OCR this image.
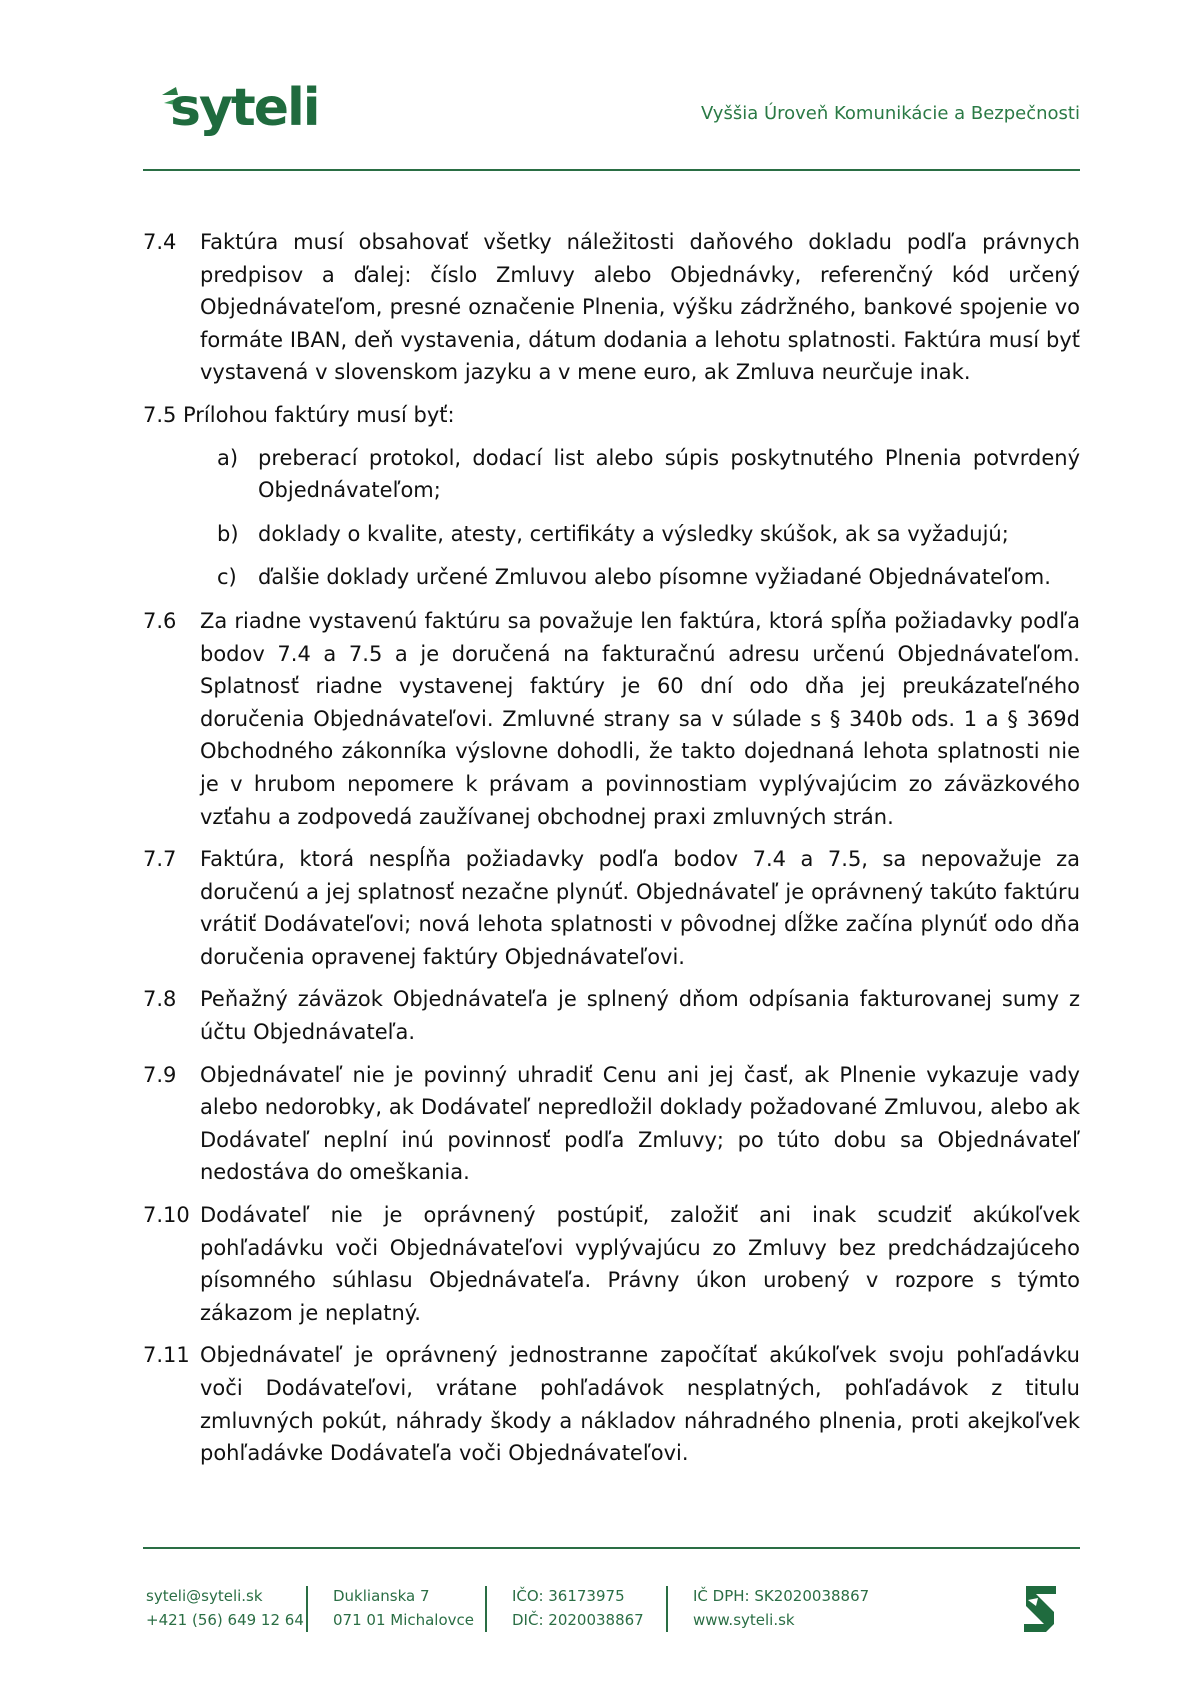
syteli	Vyššia Úroveň Komunikácie a Bezpečnosti
7.4	Faktúra musí obsahovať všetky náležitosti daňového dokladu podľa právnych predpisov a ďalej: číslo Zmluvy alebo Objednávky, referenčný kód určený Objednávateľom, presné označenie Plnenia, výšku zádržného, bankové spojenie vo formáte IBAN, deň vystavenia, dátum dodania a lehotu splatnosti. Faktúra musí byť vystavená v slovenskom jazyku a v mene euro, ak Zmluva neurčuje inak.
7.5 Prílohou faktúry musí byť:
a) preberací protokol, dodací list alebo súpis poskytnutého Plnenia potvrdený Objednávateľom;
b) doklady o kvalite, atesty, certifikáty a výsledky skúšok, ak sa vyžadujú;
c) ďalšie doklady určené Zmluvou alebo písomne vyžiadané Objednávateľom.
7.6	Za riadne vystavenú faktúru sa považuje len faktúra, ktorá spĺňa požiadavky podľa bodov 7.4 a 7.5 a je doručená na fakturačnú adresu určenú Objednávateľom. Splatnosť riadne vystavenej faktúry je 60 dní odo dňa jej preukázateľného doručenia Objednávateľovi. Zmluvné strany sa v súlade s § 340b ods. 1 a § 369d Obchodného zákonníka výslovne dohodli, že takto dojednaná lehota splatnosti nie je v hrubom nepomere k právam a povinnostiam vyplývajúcim zo záväzkového vzťahu a zodpovedá zaužívanej obchodnej praxi zmluvných strán.
7.7	Faktúra, ktorá nespĺňa požiadavky podľa bodov 7.4 a 7.5, sa nepovažuje za doručenú a jej splatnosť nezačne plynúť. Objednávateľ je oprávnený takúto faktúru vrátiť Dodávateľovi; nová lehota splatnosti v pôvodnej dĺžke začína plynúť odo dňa doručenia opravenej faktúry Objednávateľovi.
7.8	Peňažný záväzok Objednávateľa je splnený dňom odpísania fakturovanej sumy z účtu Objednávateľa.
7.9	Objednávateľ nie je povinný uhradiť Cenu ani jej časť, ak Plnenie vykazuje vady alebo nedorobky, ak Dodávateľ nepredložil doklady požadované Zmluvou, alebo ak Dodávateľ neplní inú povinnosť podľa Zmluvy; po túto dobu sa Objednávateľ nedostáva do omeškania.
7.10 Dodávateľ nie je oprávnený postúpiť, založiť ani inak scudziť akúkoľvek pohľadávku voči Objednávateľovi vyplývajúcu zo Zmluvy bez predchádzajúceho písomného súhlasu Objednávateľa. Právny úkon urobený v rozpore s týmto zákazom je neplatný.
7.11 Objednávateľ je oprávnený jednostranne započítať akúkoľvek svoju pohľadávku voči Dodávateľovi, vrátane pohľadávok nesplatných, pohľadávok z titulu zmluvných pokút, náhrady škody a nákladov náhradného plnenia, proti akejkoľvek pohľadávke Dodávateľa voči Objednávateľovi.
syteli@syteli.sk
+421 (56) 649 12 64
Duklianska 7
071 01 Michalovce
IČO: 36173975
DIČ: 2020038867
IČ DPH: SK2020038867
www.syteli.sk
